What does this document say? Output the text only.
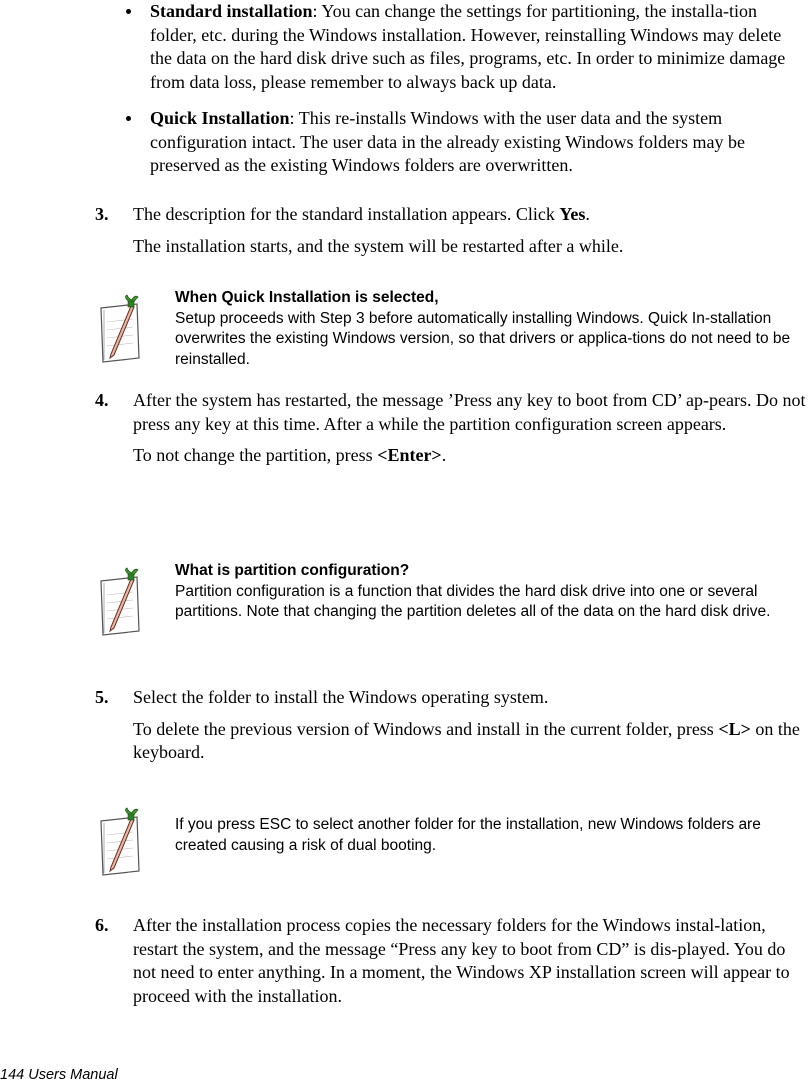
Standard installation: You can change the settings for partitioning, the installa-tion folder, etc. during the Windows installation. However, reinstalling Windows may delete the data on the hard disk drive such as files, programs, etc. In order to minimize damage from data loss, please remember to always back up data.
Quick Installation: This re-installs Windows with the user data and the system configuration intact. The user data in the already existing Windows folders may be preserved as the existing Windows folders are overwritten.
3. The description for the standard installation appears. Click Yes.
The installation starts, and the system will be restarted after a while.
When Quick Installation is selected,
Setup proceeds with Step 3 before automatically installing Windows. Quick In-stallation overwrites the existing Windows version, so that drivers or applica-tions do not need to be reinstalled.
4. After the system has restarted, the message ’Press any key to boot from CD’ ap-pears. Do not press any key at this time. After a while the partition configuration screen appears.
To not change the partition, press <Enter>.
What is partition configuration?
Partition configuration is a function that divides the hard disk drive into one or several partitions. Note that changing the partition deletes all of the data on the hard disk drive.
5. Select the folder to install the Windows operating system.
To delete the previous version of Windows and install in the current folder, press <L> on the keyboard.
If you press ESC to select another folder for the installation, new Windows folders are created causing a risk of dual booting.
6. After the installation process copies the necessary folders for the Windows instal-lation, restart the system, and the message “Press any key to boot from CD” is dis-played. You do not need to enter anything. In a moment, the Windows XP installation screen will appear to proceed with the installation.
144 Users Manual
